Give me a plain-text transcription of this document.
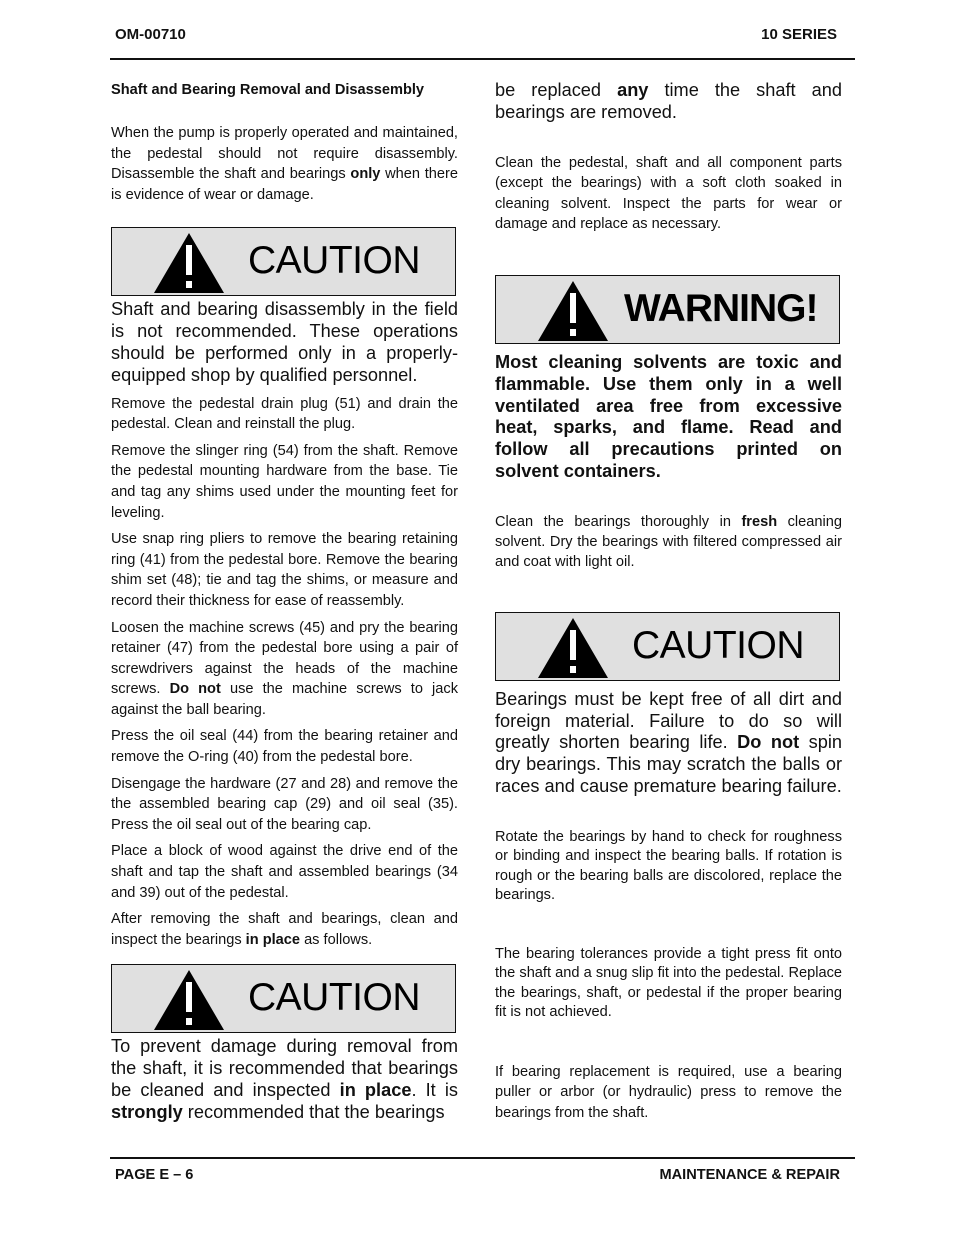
OM-00710	10 SERIES

Shaft and Bearing Removal and Disassembly

When the pump is properly operated and maintained, the pedestal should not require disassembly. Disassemble the shaft and bearings only when there is evidence of wear or damage.

CAUTION

Shaft and bearing disassembly in the field is not recommended. These operations should be performed only in a properly-equipped shop by qualified personnel.

Remove the pedestal drain plug (51) and drain the pedestal. Clean and reinstall the plug.

Remove the slinger ring (54) from the shaft. Remove the pedestal mounting hardware from the base. Tie and tag any shims used under the mounting feet for leveling.

Use snap ring pliers to remove the bearing retaining ring (41) from the pedestal bore. Remove the bearing shim set (48); tie and tag the shims, or measure and record their thickness for ease of reassembly.

Loosen the machine screws (45) and pry the bearing retainer (47) from the pedestal bore using a pair of screwdrivers against the heads of the machine screws. Do not use the machine screws to jack against the ball bearing.

Press the oil seal (44) from the bearing retainer and remove the O-ring (40) from the pedestal bore.

Disengage the hardware (27 and 28) and remove the the assembled bearing cap (29) and oil seal (35). Press the oil seal out of the bearing cap.

Place a block of wood against the drive end of the shaft and tap the shaft and assembled bearings (34 and 39) out of the pedestal.

After removing the shaft and bearings, clean and inspect the bearings in place as follows.

CAUTION

To prevent damage during removal from the shaft, it is recommended that bearings be cleaned and inspected in place. It is strongly recommended that the bearings

be replaced any time the shaft and bearings are removed.

Clean the pedestal, shaft and all component parts (except the bearings) with a soft cloth soaked in cleaning solvent. Inspect the parts for wear or damage and replace as necessary.

WARNING!

Most cleaning solvents are toxic and flammable. Use them only in a well ventilated area free from excessive heat, sparks, and flame. Read and follow all precautions printed on solvent containers.

Clean the bearings thoroughly in fresh cleaning solvent. Dry the bearings with filtered compressed air and coat with light oil.

CAUTION

Bearings must be kept free of all dirt and foreign material. Failure to do so will greatly shorten bearing life. Do not spin dry bearings. This may scratch the balls or races and cause premature bearing failure.

Rotate the bearings by hand to check for roughness or binding and inspect the bearing balls. If rotation is rough or the bearing balls are discolored, replace the bearings.

The bearing tolerances provide a tight press fit onto the shaft and a snug slip fit into the pedestal. Replace the bearings, shaft, or pedestal if the proper bearing fit is not achieved.

If bearing replacement is required, use a bearing puller or arbor (or hydraulic) press to remove the bearings from the shaft.

PAGE E – 6	MAINTENANCE & REPAIR
